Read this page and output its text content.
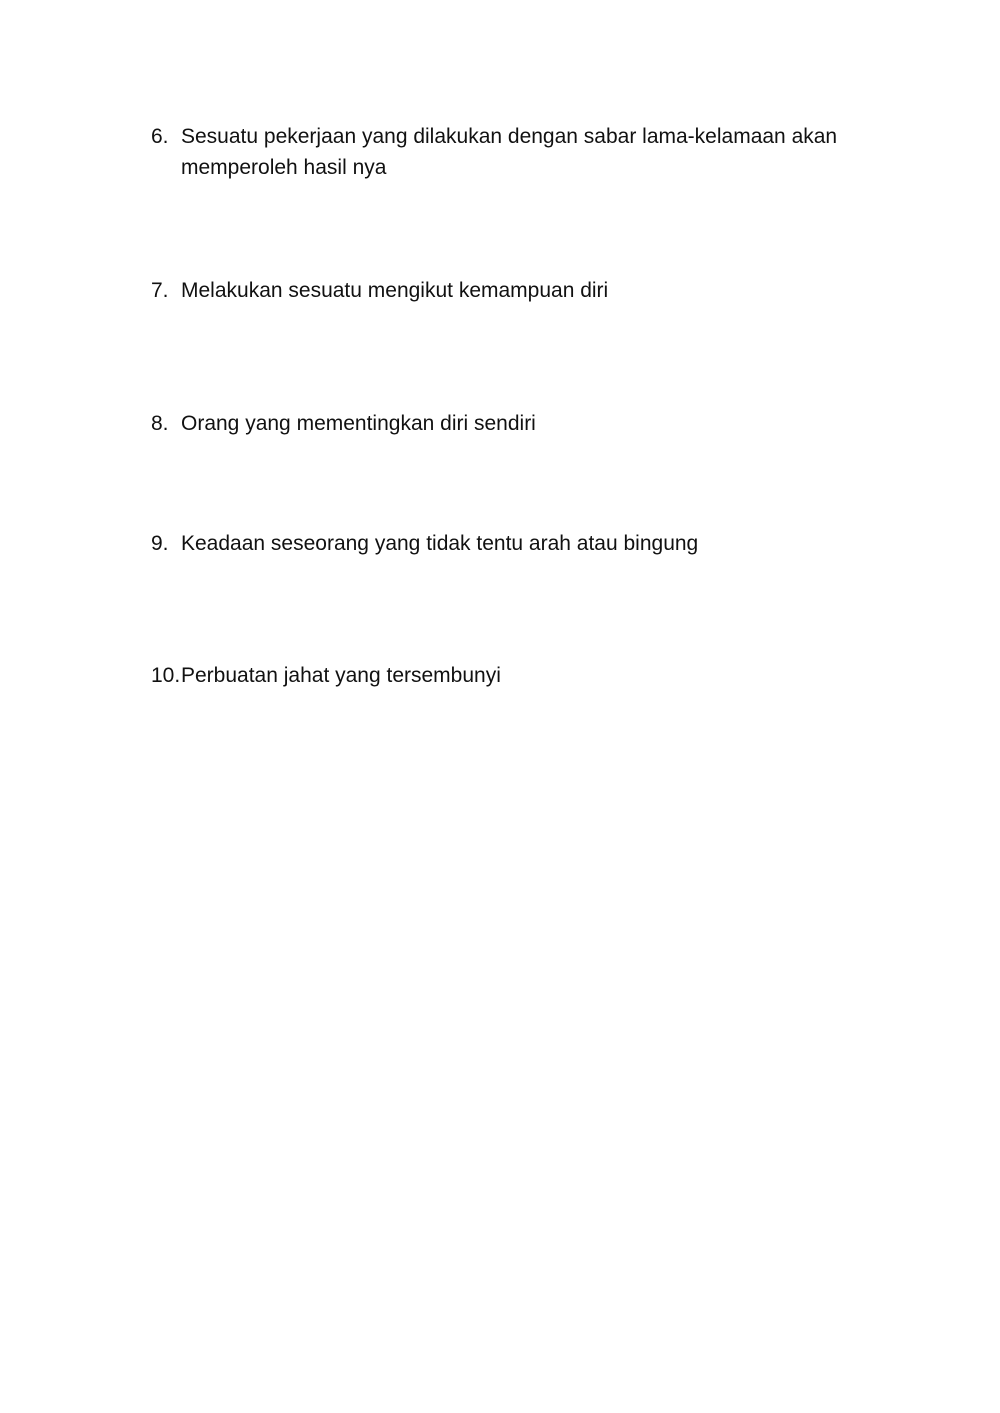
6. Sesuatu pekerjaan yang dilakukan dengan sabar lama-kelamaan akan memperoleh hasil nya
7. Melakukan sesuatu mengikut kemampuan diri
8. Orang yang mementingkan diri sendiri
9. Keadaan seseorang yang tidak tentu arah atau bingung
10. Perbuatan jahat yang tersembunyi
